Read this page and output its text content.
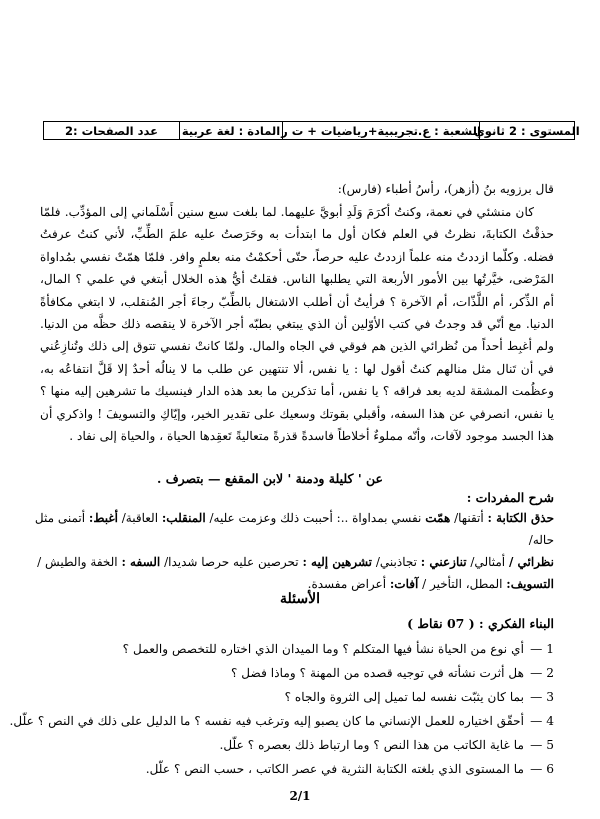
المستوى : 2 ثانوي
الشعبة : ع.تجريبية+رياضيات + ت ر
المادة : لغة عربية
عدد الصفحات :2
قال برزويه بنُ (أزهر)، رأسُ أطباء (فارس):
كان منشئي في نعمة، وكنتُ أكرَمَ وَلَدِ أبويَّ عليهما. لما بلغت سبع سنين أَسْلَماني إلى المؤدِّب. فلمّا حذقْتُ الكتابةَ، نظرتُ في العلم فكان أول ما ابتدأت به وحَرَصتُ عليه علمَ الطِّبِّ، لأني كنتُ عرفتُ فضله. وكلّما ازددتُ منه علماً ازددتُ عليه حرصاً، حتّى أحكمْتُ منه بعلمٍ وافر. فلمّا همّتْ نفسي بمُداواة المَرْضى، خيَّرتُها بين الأمور الأربعة التي يطلبها الناس. فقلتُ أيُّ هذه الخلال أبتغي في علمي ؟ المال، أم الذِّكر، أم اللَّذّات، أم الآخرة ؟ فرأيتُ أن أطلب الاشتغال بالطِّبّ رجاءَ أجر المُنقلب، لا ابتغي مكافأةً الدنيا. مع أنّي قد وجدتُ في كتب الأوّلين أن الذي يبتغي بطبّه أجر الآخرة لا ينقصه ذلك حظَّه من الدنيا. ولم أغبِط أحداً من نُظرائي الذين هم فوقي في الجاه والمال. ولمّا كانتْ نفسي تتوق إلى ذلك وتُنازِعُني في أن تَنال مثل منالهم كنتُ أقول لها : يا نفس، ألا تنتهين عن طلب ما لا ينالُه أحدٌ إلا قَلَّ انتفاعُه به، وعظُمت المشقة لديه بعد فراقه ؟ يا نفس، أما تذكرين ما بعد هذه الدار فينسيك ما تشرهين إليه منها ؟ يا نفس، انصرفي عن هذا السفه، وأقبلي بقوتك وسعيك على تقدير الخير، وإيّاكِ والتسويفَ ! واذكري أن هذا الجسد موجود لآفات، وأنّه مملوءٌ أخلاطاً فاسدةً قذرةً متعاليةً تَعقِدها الحياة ، والحياة إلى نفاد .
عن ' كليلة ودمنة ' لابن المقفع — بتصرف .
شرح المفردات :
حذق الكتابة : أتقنها/ همّت نفسي بمداواة ..: أحببت ذلك وعزمت عليه/ المنقلب: العاقبة/ أغبط: أتمنى مثل حاله/
نظرائي / أمثالي/ تنازعني : تجاذبني/ تشرهين إليه : تحرصين عليه حرصا شديدا/ السفه : الخفة والطيش /
التسويف: المطل، التأخير / آفات: أعراض مفسدة.
الأسئلة
البناء الفكري : ( 07 نقاط )
1 —أي نوع من الحياة نشأ فيها المتكلم ؟ وما الميدان الذي اختاره للتخصص والعمل ؟
2 —هل أثرت نشأته في توجيه قصده من المهنة ؟ وماذا فضل ؟
3 —بما كان يثبّت نفسه لما تميل إلى الثروة والجاه ؟
4 —أحقّق اختياره للعمل الإنساني ما كان يصبو إليه وترغب فيه نفسه ؟ ما الدليل على ذلك في النص ؟ علّل.
5 —ما غاية الكاتب من هذا النص ؟ وما ارتباط ذلك بعصره ؟ علّل.
6 —ما المستوى الذي بلغته الكتابة النثرية في عصر الكاتب ، حسب النص ؟ علّل.
2/1
